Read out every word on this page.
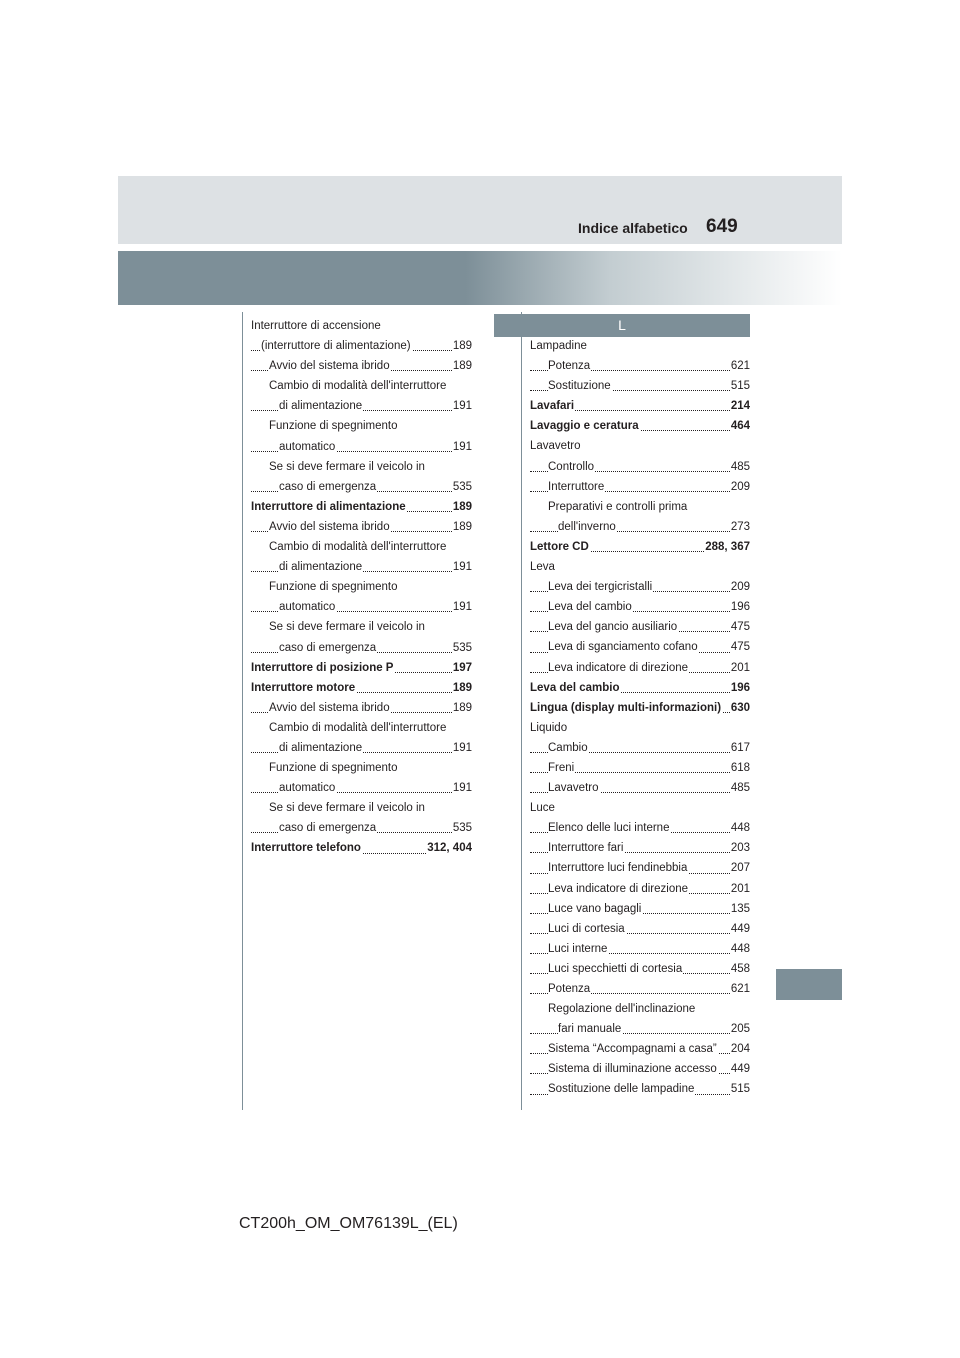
Indice alfabetico 649
L
Interruttore di accensione
(interruttore di alimentazione)	189
Avvio del sistema ibrido	189
Cambio di modalità dell'interruttore
di alimentazione	191
Funzione di spegnimento
automatico	191
Se si deve fermare il veicolo in
caso di emergenza	535
Interruttore di alimentazione	189
Avvio del sistema ibrido	189
Cambio di modalità dell'interruttore
di alimentazione	191
Funzione di spegnimento
automatico	191
Se si deve fermare il veicolo in
caso di emergenza	535
Interruttore di posizione P	197
Interruttore motore	189
Avvio del sistema ibrido	189
Cambio di modalità dell'interruttore
di alimentazione	191
Funzione di spegnimento
automatico	191
Se si deve fermare il veicolo in
caso di emergenza	535
Interruttore telefono	312, 404
Lampadine
Potenza	621
Sostituzione	515
Lavafari	214
Lavaggio e ceratura	464
Lavavetro
Controllo	485
Interruttore	209
Preparativi e controlli prima
dell'inverno	273
Lettore CD	288, 367
Leva
Leva dei tergicristalli	209
Leva del cambio	196
Leva del gancio ausiliario	475
Leva di sganciamento cofano	475
Leva indicatore di direzione	201
Leva del cambio	196
Lingua (display multi-informazioni) 630
Liquido
Cambio	617
Freni	618
Lavavetro	485
Luce
Elenco delle luci interne	448
Interruttore fari	203
Interruttore luci fendinebbia	207
Leva indicatore di direzione	201
Luce vano bagagli	135
Luci di cortesia	449
Luci interne	448
Luci specchietti di cortesia	458
Potenza	621
Regolazione dell'inclinazione
fari manuale	205
Sistema “Accompagnami a casa” 204
Sistema di illuminazione accesso 449
Sostituzione delle lampadine	515
CT200h_OM_OM76139L_(EL)
